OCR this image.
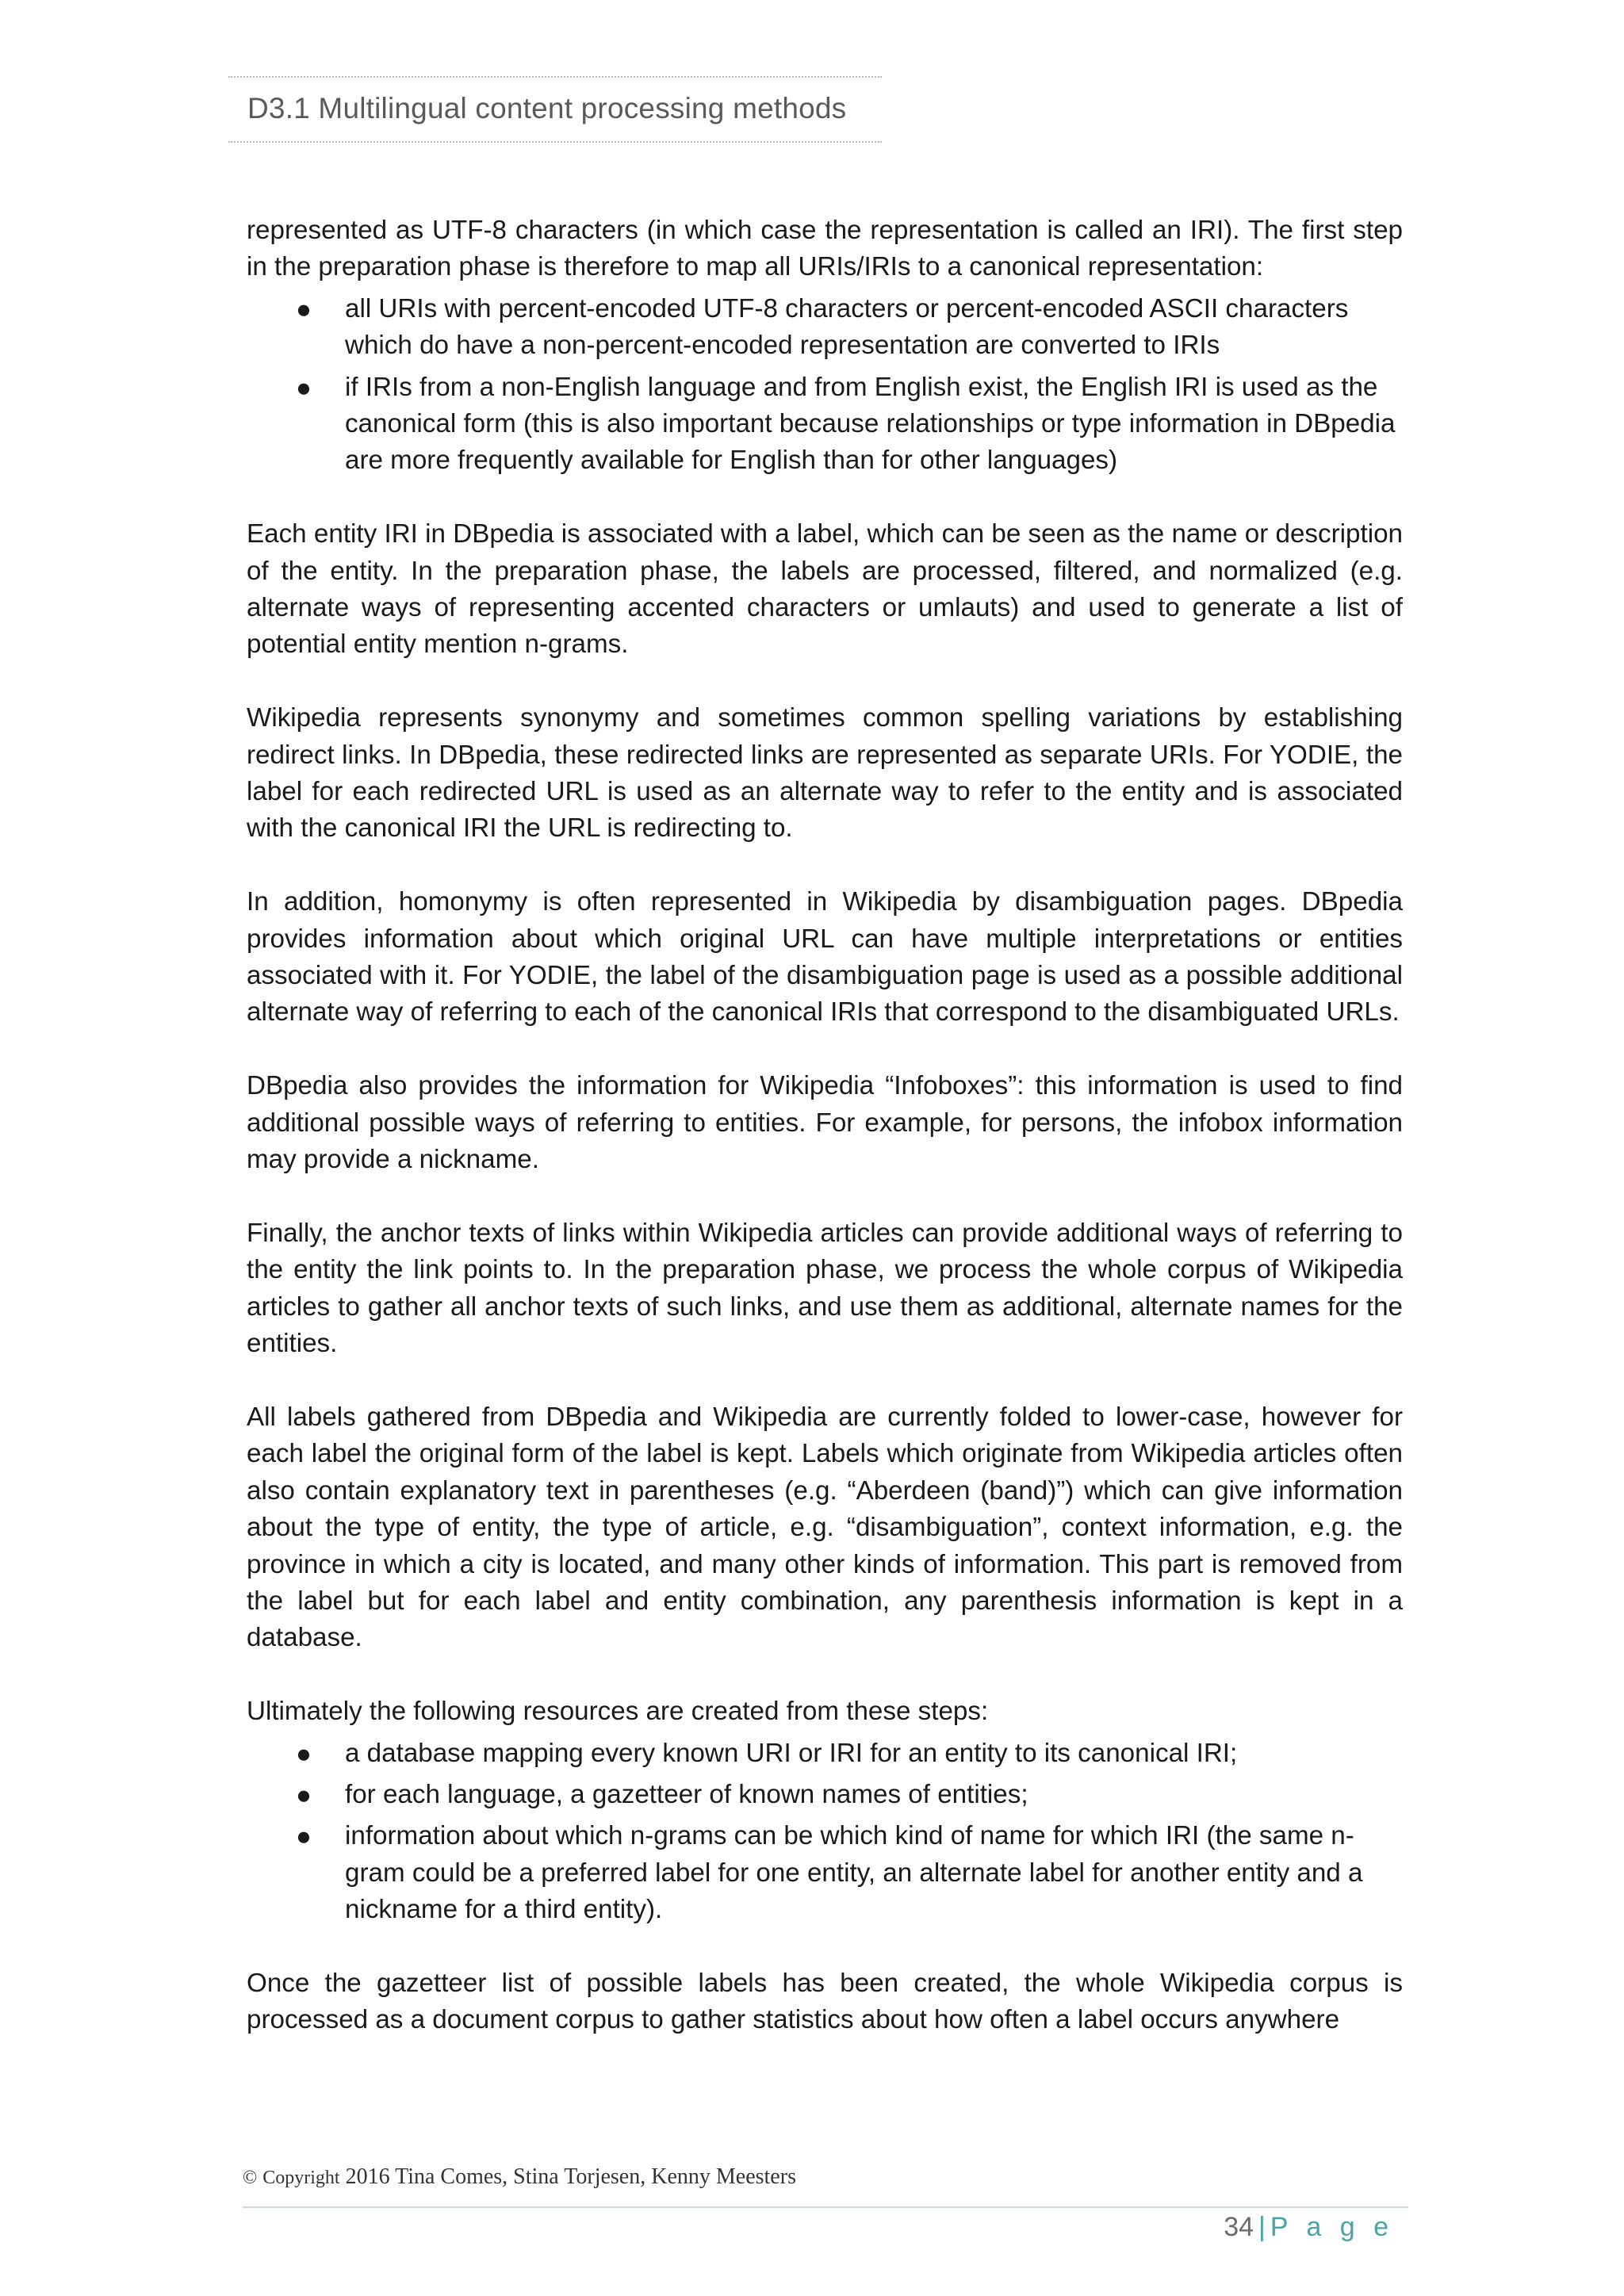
D3.1 Multilingual content processing methods

represented as UTF-8 characters (in which case the representation is called an IRI). The first step in the preparation phase is therefore to map all URIs/IRIs to a canonical representation:

● all URIs with percent-encoded UTF-8 characters or percent-encoded ASCII characters which do have a non-percent-encoded representation are converted to IRIs
● if IRIs from a non-English language and from English exist, the English IRI is used as the canonical form (this is also important because relationships or type information in DBpedia are more frequently available for English than for other languages)

Each entity IRI in DBpedia is associated with a label, which can be seen as the name or description of the entity. In the preparation phase, the labels are processed, filtered, and normalized (e.g. alternate ways of representing accented characters or umlauts) and used to generate a list of potential entity mention n-grams.

Wikipedia represents synonymy and sometimes common spelling variations by establishing redirect links. In DBpedia, these redirected links are represented as separate URIs. For YODIE, the label for each redirected URL is used as an alternate way to refer to the entity and is associated with the canonical IRI the URL is redirecting to.

In addition, homonymy is often represented in Wikipedia by disambiguation pages. DBpedia provides information about which original URL can have multiple interpretations or entities associated with it. For YODIE, the label of the disambiguation page is used as a possible additional alternate way of referring to each of the canonical IRIs that correspond to the disambiguated URLs.

DBpedia also provides the information for Wikipedia “Infoboxes”: this information is used to find additional possible ways of referring to entities. For example, for persons, the infobox information may provide a nickname.

Finally, the anchor texts of links within Wikipedia articles can provide additional ways of referring to the entity the link points to. In the preparation phase, we process the whole corpus of Wikipedia articles to gather all anchor texts of such links, and use them as additional, alternate names for the entities.

All labels gathered from DBpedia and Wikipedia are currently folded to lower-case, however for each label the original form of the label is kept. Labels which originate from Wikipedia articles often also contain explanatory text in parentheses (e.g. “Aberdeen (band)”) which can give information about the type of entity, the type of article, e.g. “disambiguation”, context information, e.g. the province in which a city is located, and many other kinds of information. This part is removed from the label but for each label and entity combination, any parenthesis information is kept in a database.

Ultimately the following resources are created from these steps:

● a database mapping every known URI or IRI for an entity to its canonical IRI;
● for each language, a gazetteer of known names of entities;
● information about which n-grams can be which kind of name for which IRI (the same n-gram could be a preferred label for one entity, an alternate label for another entity and a nickname for a third entity).

Once the gazetteer list of possible labels has been created, the whole Wikipedia corpus is processed as a document corpus to gather statistics about how often a label occurs anywhere

© Copyright 2016 Tina Comes, Stina Torjesen, Kenny Meesters
34 | P a g e
